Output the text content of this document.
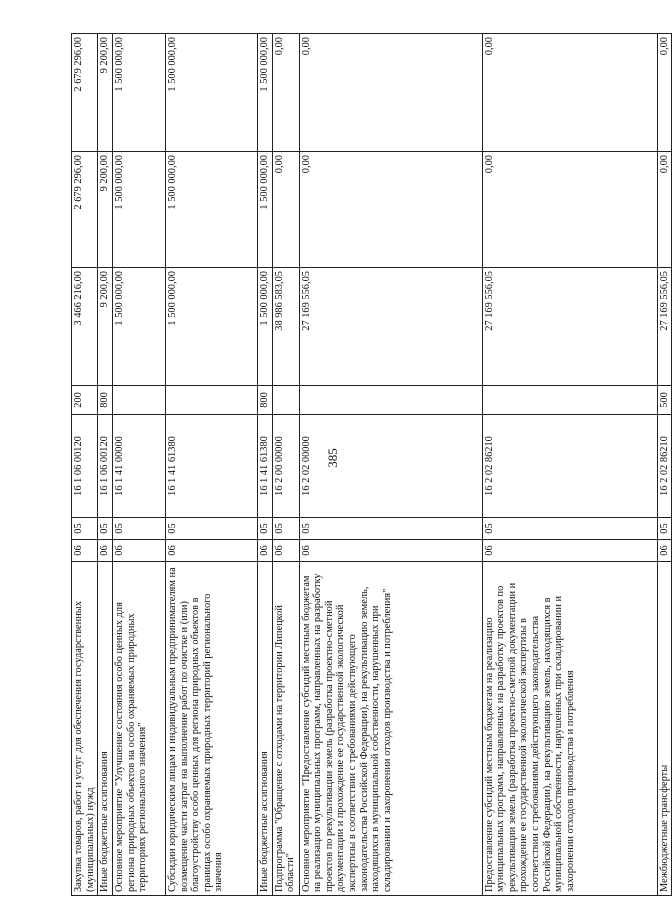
385
Закупка товаров, работ и услуг для обеспечения государственных (муниципальных) нужд	06	05	16 1 06 00120	200	3 466 216,00	2 679 296,00	2 679 296,00
Иные бюджетные ассигнования	06	05	16 1 06 00120	800	9 200,00	9 200,00	9 200,00
Основное мероприятие "Улучшение состояния особо ценных для региона природных объектов на особо охраняемых природных территориях регионального значения"	06	05	16 1 41 00000		1 500 000,00	1 500 000,00	1 500 000,00
Субсидии юридическим лицам и индивидуальным предпринимателям на возмещение части затрат на выполнение работ по очистке и (или) благоустройству особо ценных для региона природных объектов в границах особо охраняемых природных территорий регионального значения	06	05	16 1 41 61380		1 500 000,00	1 500 000,00	1 500 000,00
Иные бюджетные ассигнования	06	05	16 1 41 61380	800	1 500 000,00	1 500 000,00	1 500 000,00
Подпрограмма "Обращение с отходами на территории Липецкой области"	06	05	16 2 00 00000		38 986 583,05	0,00	0,00
Основное мероприятие "Предоставление субсидий местным бюджетам на реализацию муниципальных программ, направленных на разработку проектов по рекультивации земель (разработка проектно-сметной документации и прохождение ее государственной экологической экспертизы в соответствии с требованиями действующего законодательства Российской Федерации), на рекультивацию земель, находящихся в муниципальной собственности, нарушенных при складировании и захоронении отходов производства и потребления"	06	05	16 2 02 00000		27 169 556,05	0,00	0,00
Предоставление субсидий местным бюджетам на реализацию муниципальных программ, направленных на разработку проектов по рекультивации земель (разработка проектно-сметной документации и прохождение ее государственной экологической экспертизы в соответствии с требованиями действующего законодательства Российской Федерации), на рекультивацию земель, находящихся в муниципальной собственности, нарушенных при складировании и захоронении отходов производства и потребления	06	05	16 2 02 86210		27 169 556,05	0,00	0,00
Межбюджетные трансферты	06	05	16 2 02 86210	500	27 169 556,05	0,00	0,00
